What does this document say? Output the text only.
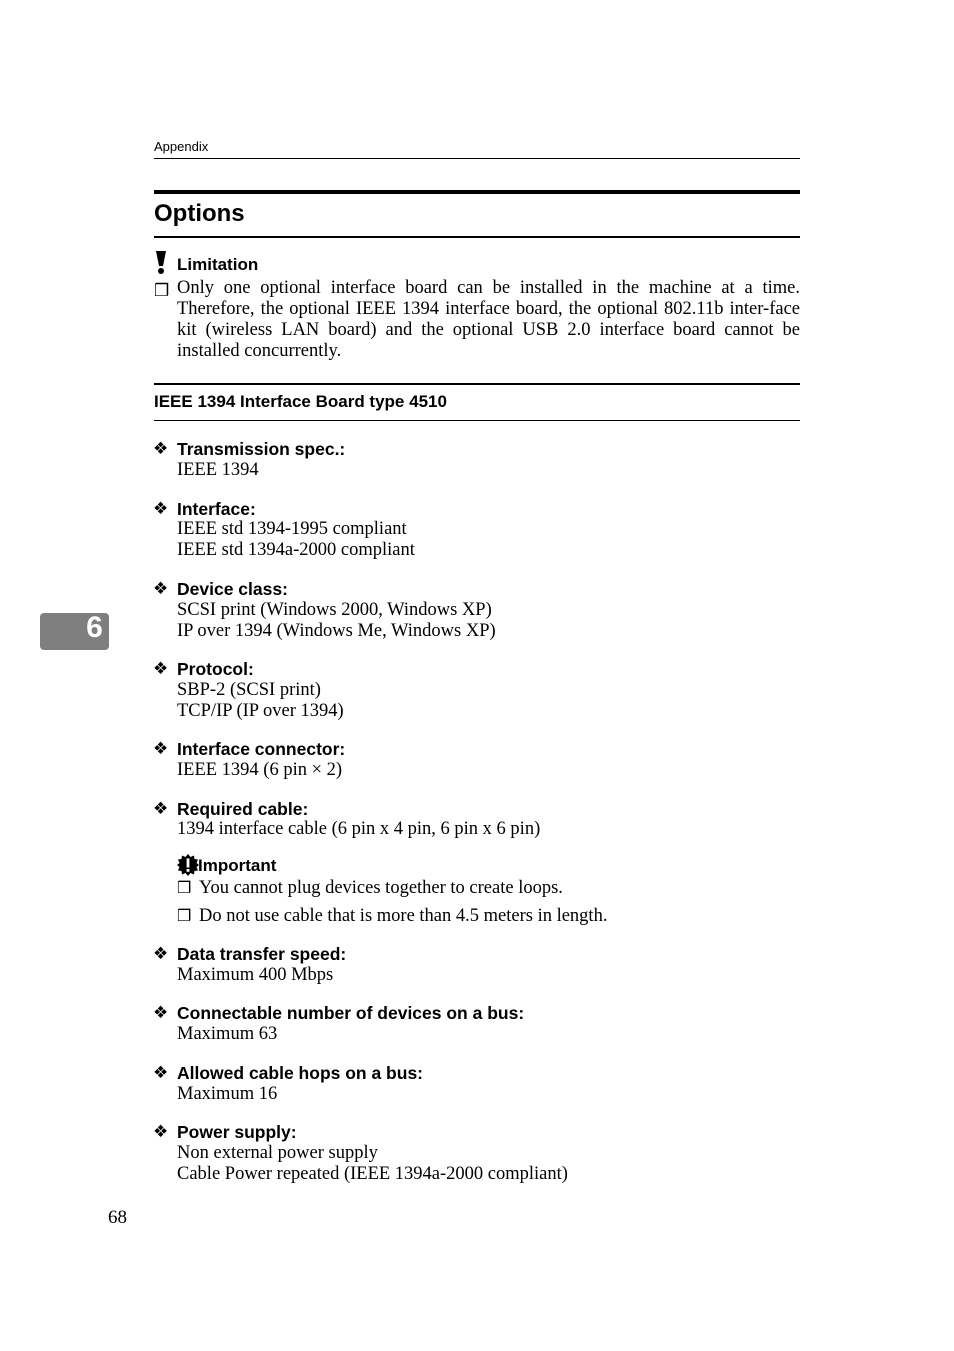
Appendix
Options
Limitation
❒ Only one optional interface board can be installed in the machine at a time. Therefore, the optional IEEE 1394 interface board, the optional 802.11b inter-face kit (wireless LAN board) and the optional USB 2.0 interface board cannot be installed concurrently.
IEEE 1394 Interface Board type 4510
6
❖ Transmission spec.:
IEEE 1394
❖ Interface:
IEEE std 1394-1995 compliant
IEEE std 1394a-2000 compliant
❖ Device class:
SCSI print (Windows 2000, Windows XP)
IP over 1394 (Windows Me, Windows XP)
❖ Protocol:
SBP-2 (SCSI print)
TCP/IP (IP over 1394)
❖ Interface connector:
IEEE 1394 (6 pin × 2)
❖ Required cable:
1394 interface cable (6 pin x 4 pin, 6 pin x 6 pin)
Important
❒ You cannot plug devices together to create loops.
❒ Do not use cable that is more than 4.5 meters in length.
❖ Data transfer speed:
Maximum 400 Mbps
❖ Connectable number of devices on a bus:
Maximum 63
❖ Allowed cable hops on a bus:
Maximum 16
❖ Power supply:
Non external power supply
Cable Power repeated (IEEE 1394a-2000 compliant)
68
